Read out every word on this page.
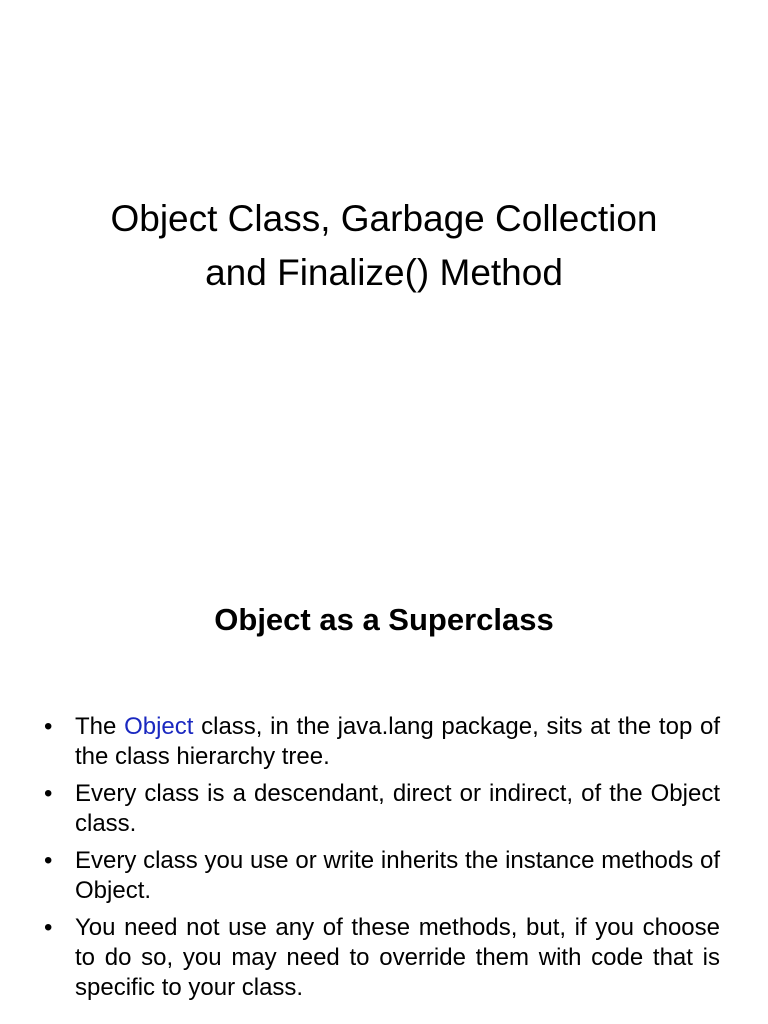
Object Class, Garbage Collection
and Finalize() Method
Object as a Superclass
• The Object class, in the java.lang package, sits at the top of the class hierarchy tree.
• Every class is a descendant, direct or indirect, of the Object class.
• Every class you use or write inherits the instance methods of Object.
• You need not use any of these methods, but, if you choose to do so, you may need to override them with code that is specific to your class.
